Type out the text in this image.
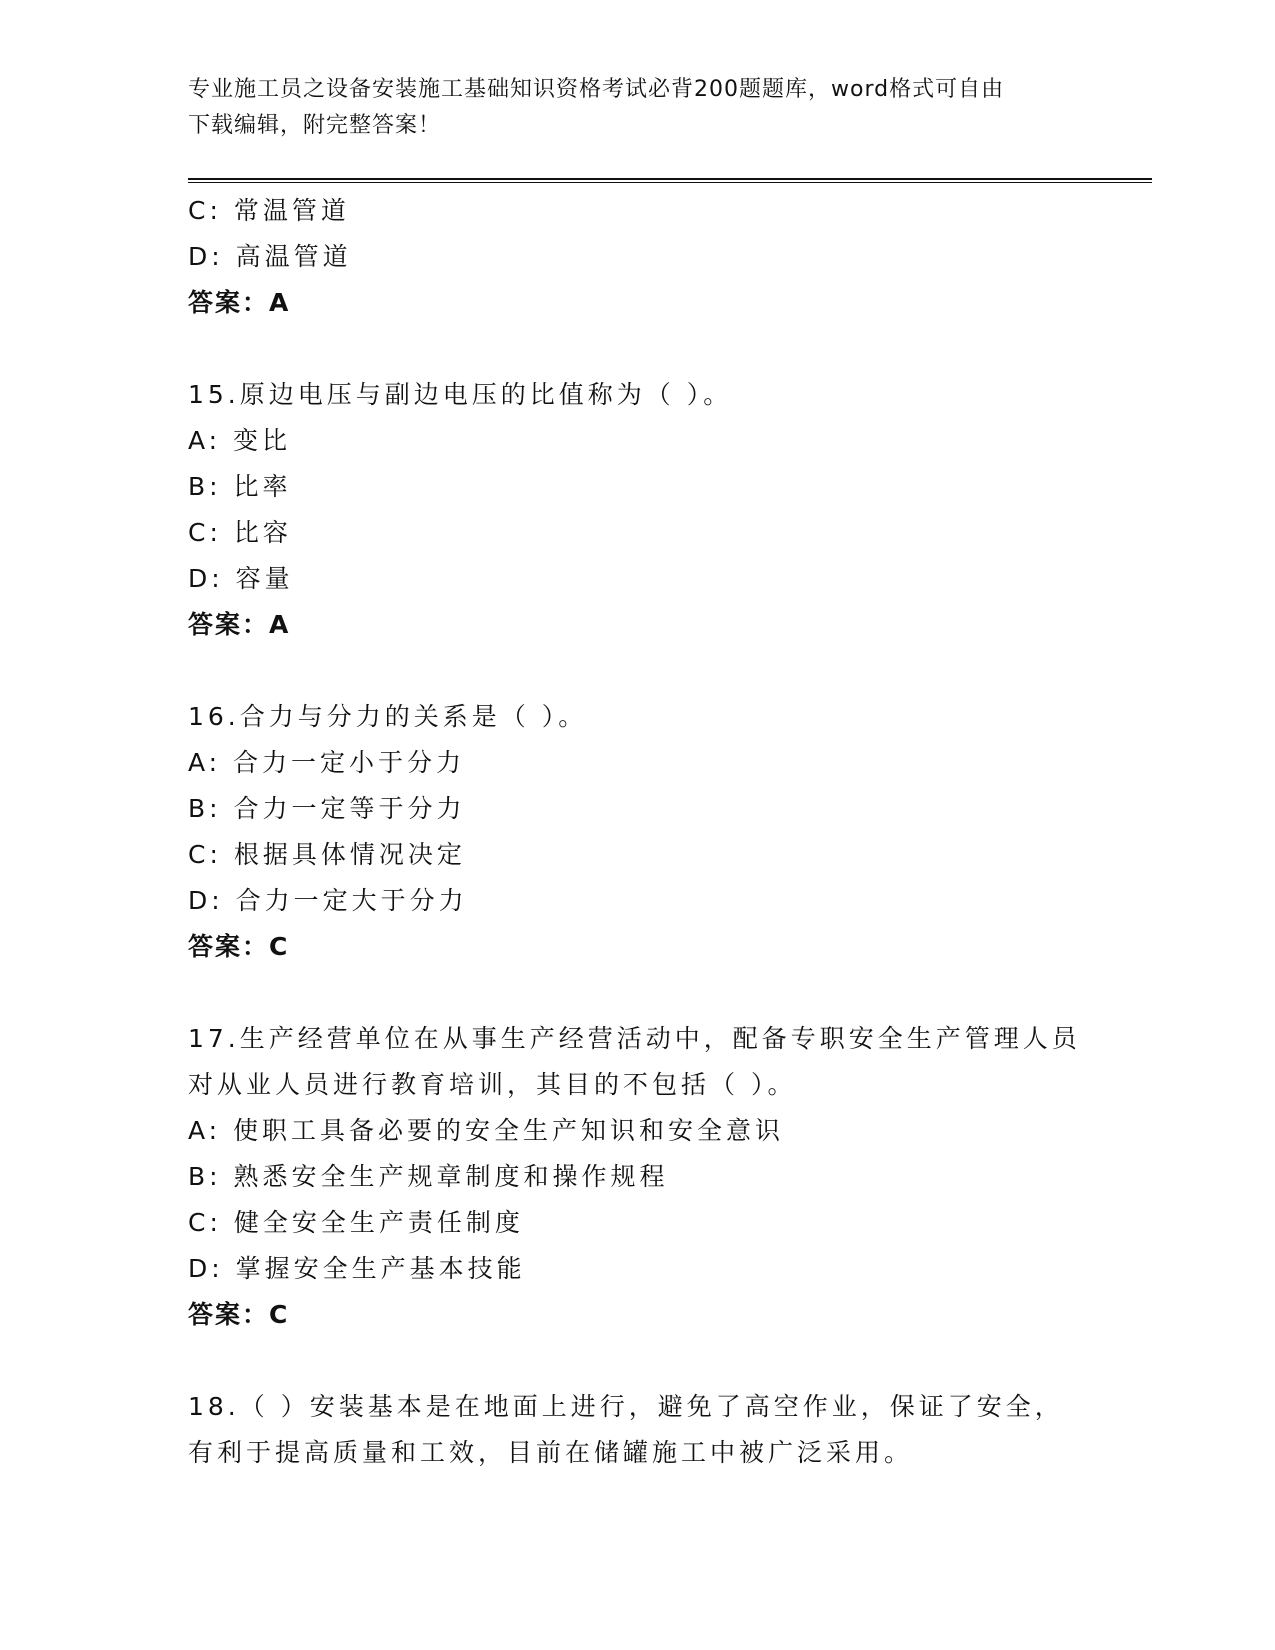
专业施工员之设备安装施工基础知识资格考试必背200题题库，word格式可自由
下载编辑，附完整答案！
C: 常温管道
D: 高温管道
答案：A
15.原边电压与副边电压的比值称为（ ）。
A: 变比
B: 比率
C: 比容
D: 容量
答案：A
16.合力与分力的关系是（ ）。
A: 合力一定小于分力
B: 合力一定等于分力
C: 根据具体情况决定
D: 合力一定大于分力
答案：C
17.生产经营单位在从事生产经营活动中，配备专职安全生产管理人员
对从业人员进行教育培训，其目的不包括（ ）。
A: 使职工具备必要的安全生产知识和安全意识
B: 熟悉安全生产规章制度和操作规程
C: 健全安全生产责任制度
D: 掌握安全生产基本技能
答案：C
18.（ ）安装基本是在地面上进行，避免了高空作业，保证了安全，
有利于提高质量和工效，目前在储罐施工中被广泛采用。
